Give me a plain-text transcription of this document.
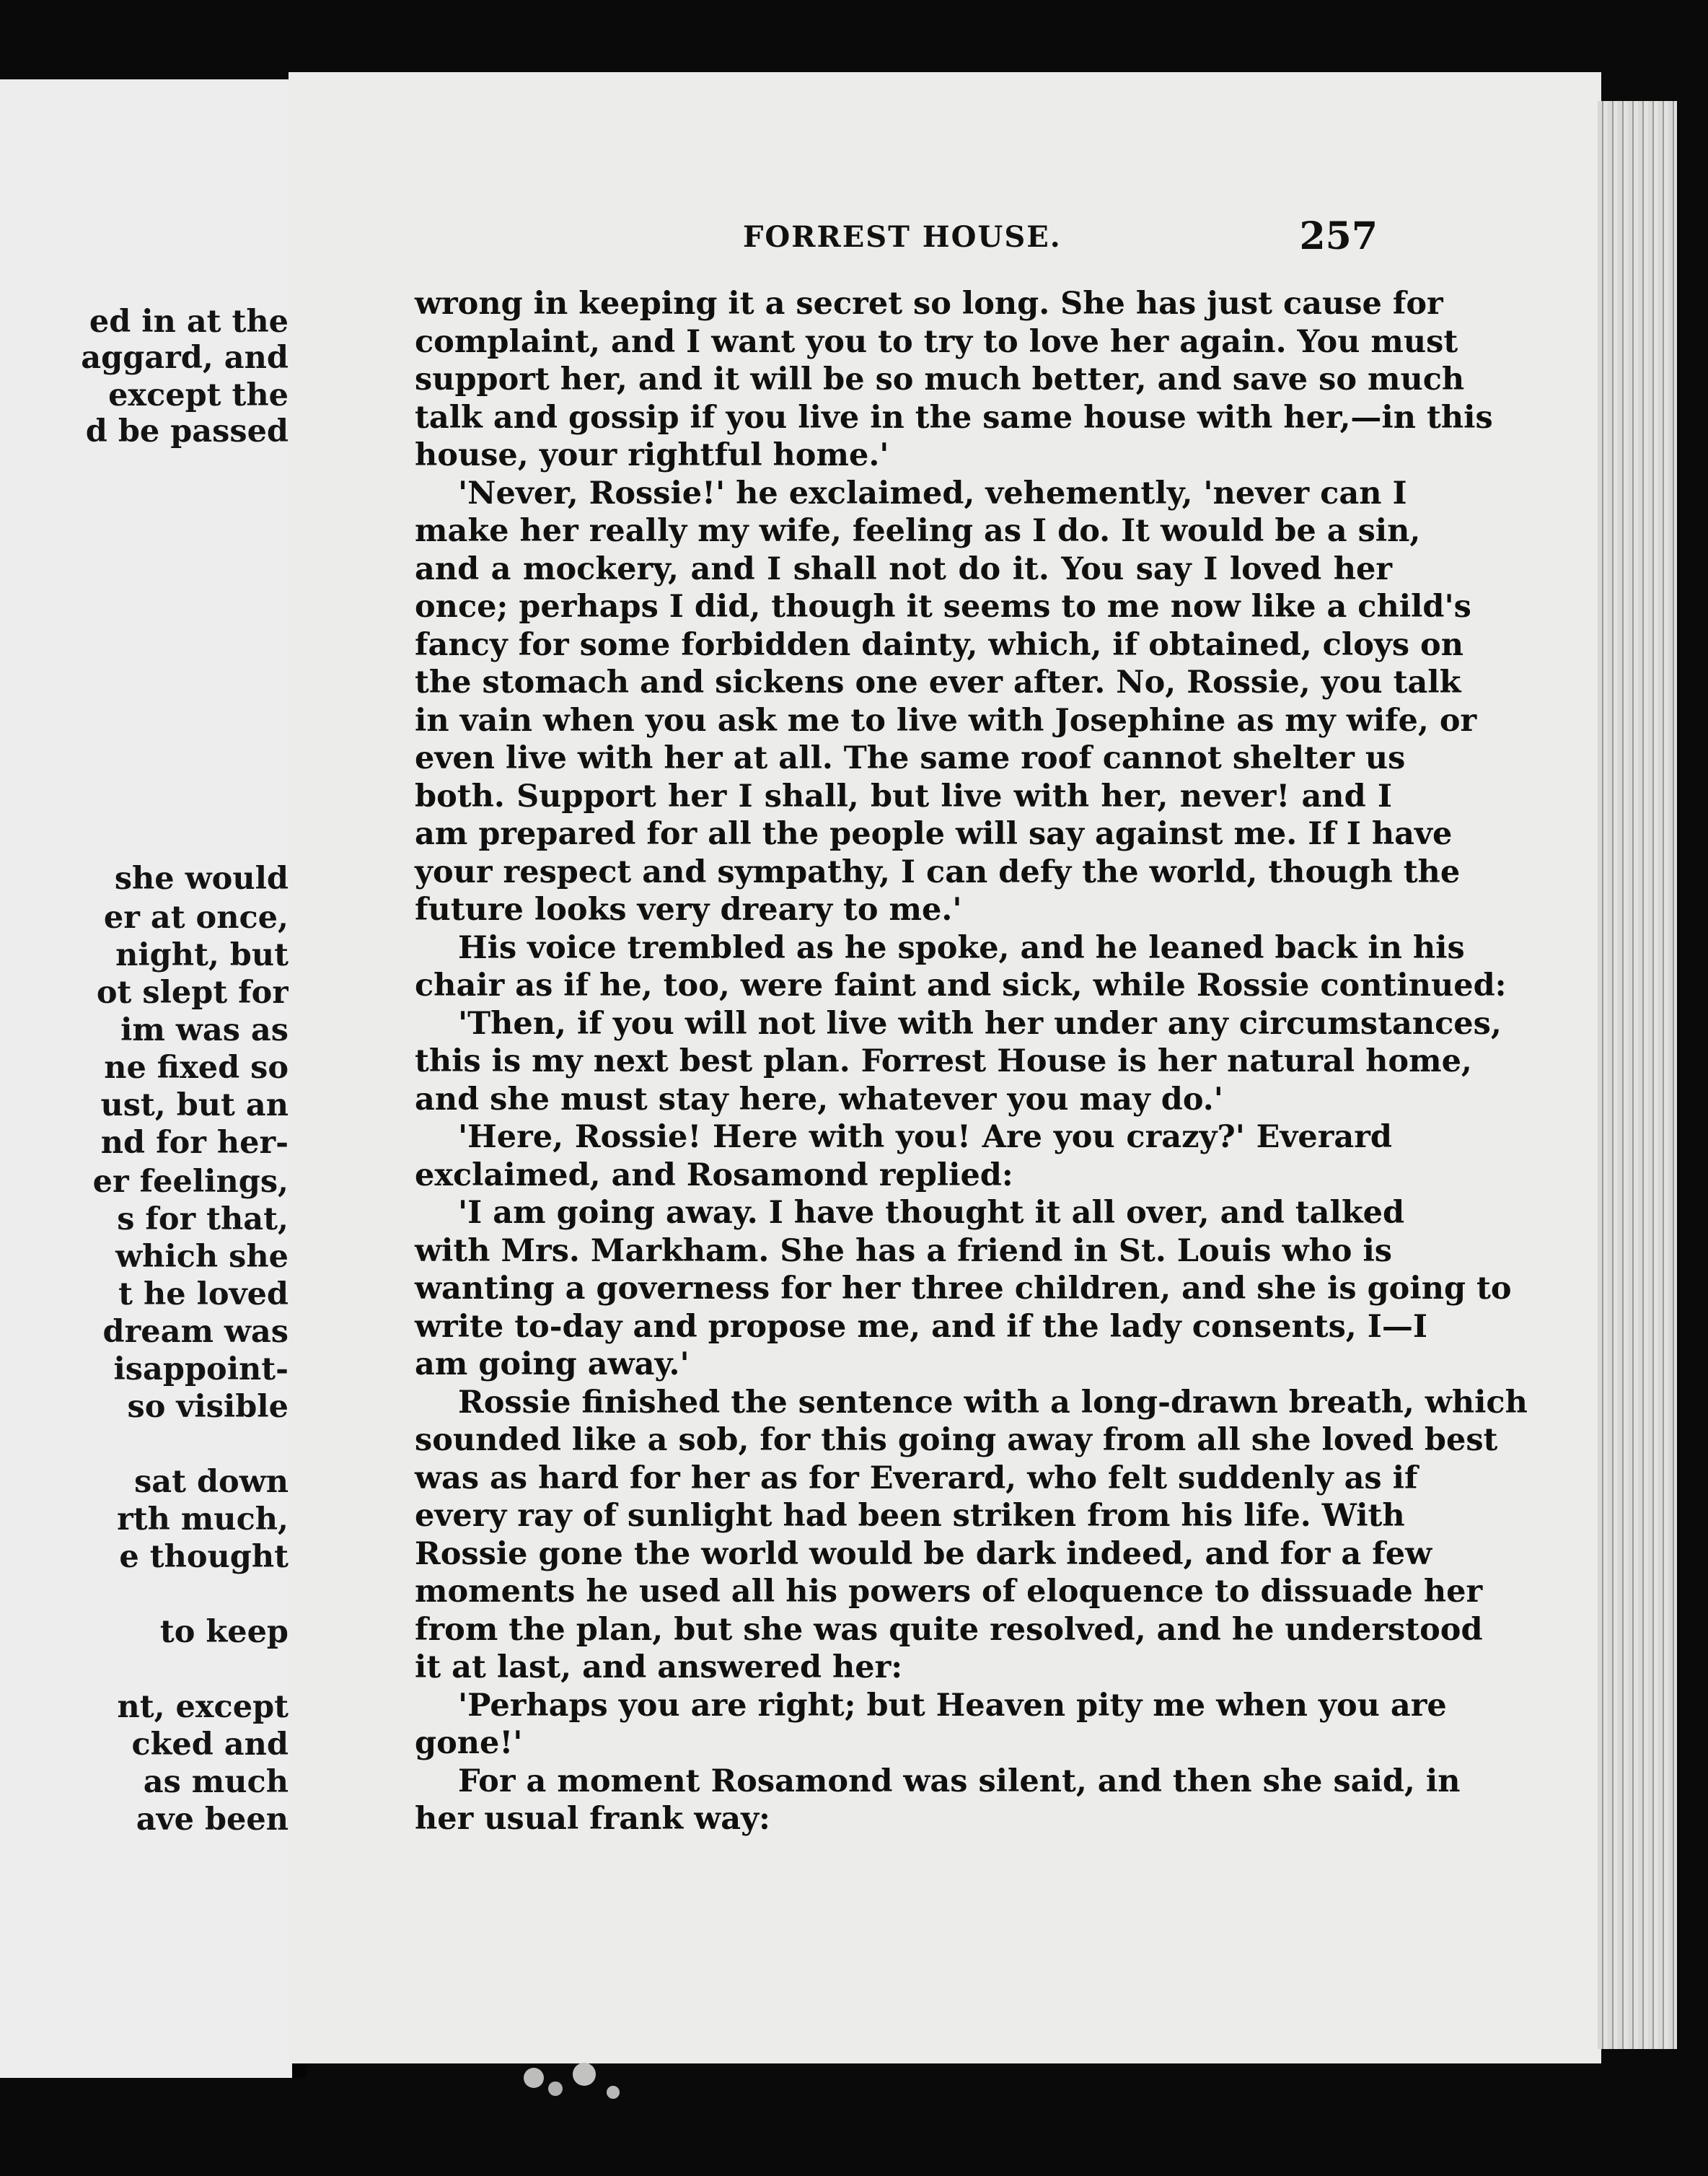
ed in at the
aggard, and
except the
d be passed
she would
er at once,
night, but
ot slept for
im was as
ne fixed so
ust, but an
nd for her-
er feelings,
s for that,
which she
t he loved
dream was
isappoint-
so visible
sat down
rth much,
e thought
to keep
nt, except
cked and
as much
ave been
FORREST HOUSE.	257

wrong in keeping it a secret so long. She has just cause for
complaint, and I want you to try to love her again. You must
support her, and it will be so much better, and save so much
talk and gossip if you live in the same house with her,—in this
house, your rightful home.'

'Never, Rossie!' he exclaimed, vehemently, 'never can I
make her really my wife, feeling as I do. It would be a sin,
and a mockery, and I shall not do it. You say I loved her
once; perhaps I did, though it seems to me now like a child's
fancy for some forbidden dainty, which, if obtained, cloys on
the stomach and sickens one ever after. No, Rossie, you talk
in vain when you ask me to live with Josephine as my wife, or
even live with her at all. The same roof cannot shelter us
both. Support her I shall, but live with her, never! and I
am prepared for all the people will say against me. If I have
your respect and sympathy, I can defy the world, though the
future looks very dreary to me.'

His voice trembled as he spoke, and he leaned back in his
chair as if he, too, were faint and sick, while Rossie continued:

'Then, if you will not live with her under any circumstances,
this is my next best plan. Forrest House is her natural home,
and she must stay here, whatever you may do.'

'Here, Rossie! Here with you! Are you crazy?' Everard
exclaimed, and Rosamond replied:

'I am going away. I have thought it all over, and talked
with Mrs. Markham. She has a friend in St. Louis who is
wanting a governess for her three children, and she is going to
write to-day and propose me, and if the lady consents, I—I
am going away.'

Rossie finished the sentence with a long-drawn breath, which
sounded like a sob, for this going away from all she loved best
was as hard for her as for Everard, who felt suddenly as if
every ray of sunlight had been striken from his life. With
Rossie gone the world would be dark indeed, and for a few
moments he used all his powers of eloquence to dissuade her
from the plan, but she was quite resolved, and he understood
it at last, and answered her:

'Perhaps you are right; but Heaven pity me when you are
gone!'

For a moment Rosamond was silent, and then she said, in
her usual frank way:
